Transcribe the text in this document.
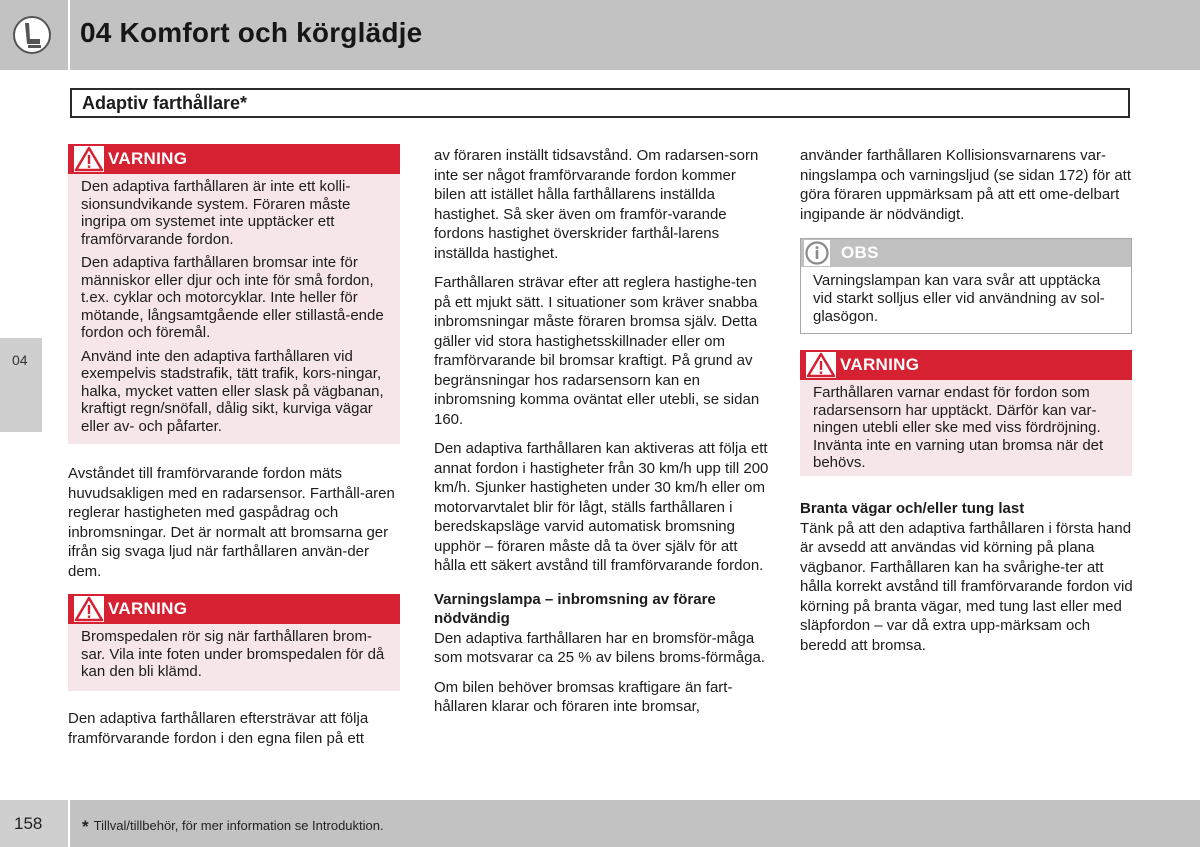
04 Komfort och körglädje
Adaptiv farthållare*
04
VARNING

Den adaptiva farthållaren är inte ett kolli-sionsundvikande system. Föraren måste ingripa om systemet inte upptäcker ett framförvarande fordon.

Den adaptiva farthållaren bromsar inte för människor eller djur och inte för små fordon, t.ex. cyklar och motorcyklar. Inte heller för mötande, långsamtgående eller stillastå-ende fordon och föremål.

Använd inte den adaptiva farthållaren vid exempelvis stadstrafik, tätt trafik, kors-ningar, halka, mycket vatten eller slask på vägbanan, kraftigt regn/snöfall, dålig sikt, kurviga vägar eller av- och påfarter.

Avståndet till framförvarande fordon mäts huvudsakligen med en radarsensor. Farthåll-aren reglerar hastigheten med gaspådrag och inbromsningar. Det är normalt att bromsarna ger ifrån sig svaga ljud när farthållaren använ-der dem.

VARNING

Bromspedalen rör sig när farthållaren brom-sar. Vila inte foten under bromspedalen för då kan den bli klämd.

Den adaptiva farthållaren eftersträvar att följa framförvarande fordon i den egna filen på ett

av föraren inställt tidsavstånd. Om radarsen-sorn inte ser något framförvarande fordon kommer bilen att istället hålla farthållarens inställda hastighet. Så sker även om framför-varande fordons hastighet överskrider farthål-larens inställda hastighet.

Farthållaren strävar efter att reglera hastighe-ten på ett mjukt sätt. I situationer som kräver snabba inbromsningar måste föraren bromsa själv. Detta gäller vid stora hastighetsskillnader eller om framförvarande bil bromsar kraftigt. På grund av begränsningar hos radarsensorn kan en inbromsning komma oväntat eller utebli, se sidan 160.

Den adaptiva farthållaren kan aktiveras att följa ett annat fordon i hastigheter från 30 km/h upp till 200 km/h. Sjunker hastigheten under 30 km/h eller om motorvarvtalet blir för lågt, ställs farthållaren i beredskapsläge varvid automatisk bromsning upphör – föraren måste då ta över själv för att hålla ett säkert avstånd till framförvarande fordon.

Varningslampa – inbromsning av förare nödvändig

Den adaptiva farthållaren har en bromsför-måga som motsvarar ca 25 % av bilens broms-förmåga.

Om bilen behöver bromsas kraftigare än fart-hållaren klarar och föraren inte bromsar,

använder farthållaren Kollisionsvarnarens var-ningslampa och varningsljud (se sidan 172) för att göra föraren uppmärksam på att ett ome-delbart ingipande är nödvändigt.

OBS
Varningslampan kan vara svår att upptäcka vid starkt solljus eller vid användning av sol-glasögon.
VARNING

Farthållaren varnar endast för fordon som radarsensorn har upptäckt. Därför kan var-ningen utebli eller ske med viss fördröjning. Invänta inte en varning utan bromsa när det behövs.

Branta vägar och/eller tung last

Tänk på att den adaptiva farthållaren i första hand är avsedd att användas vid körning på plana vägbanor. Farthållaren kan ha svårighe-ter att hålla korrekt avstånd till framförvarande fordon vid körning på branta vägar, med tung last eller med släpfordon – var då extra upp-märksam och beredd att bromsa.

158 * Tillval/tillbehör, för mer information se Introduktion.
